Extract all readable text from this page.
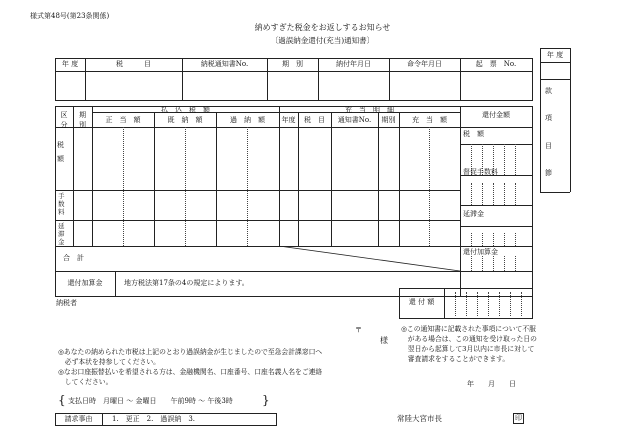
様式第48号(第23条関係)
納めすぎた税金をお返しするお知らせ
〔過誤納金還付(充当)通知書〕
年 度	税　　　目	納税通知書No.	期　別	納付年月日	命令年月日	起　票　No.
区 分
期 別
払　込　税　額
正　当　額	既　納　額	過　納　額
充　当　明　細
年度	税　目	通知書No.	期別	充　当　額
還付金額
税 額
手 数 料
延 滞 金
合　計
税　額
督促手数料
延滞金
還付加算金
還付加算金	地方税法第17条の4の規定によります。
年 度
款
項
目
節
納税者	還 付 額
〒
様
◎あなたの納められた市税は上記のとおり過誤納金が生じましたので至急会計課窓口へ
　必ず本状を持参してください。
◎なお口座振替払いを希望される方は、金融機関名、口座番号、口座名義人名をご連絡
　してください。
◎この通知書に記載された事項について不服
　がある場合は、この通知を受け取った日の
　翌日から起算して3月以内に市長に対して
　審査請求をすることができます。
年　　月　　日
{ 支払日時　月曜日 ～ 金曜日　　午前9時 ～ 午後3時 }
請求事由	1.　更正　2.　過誤納　3.	常陸大宮市長	印
